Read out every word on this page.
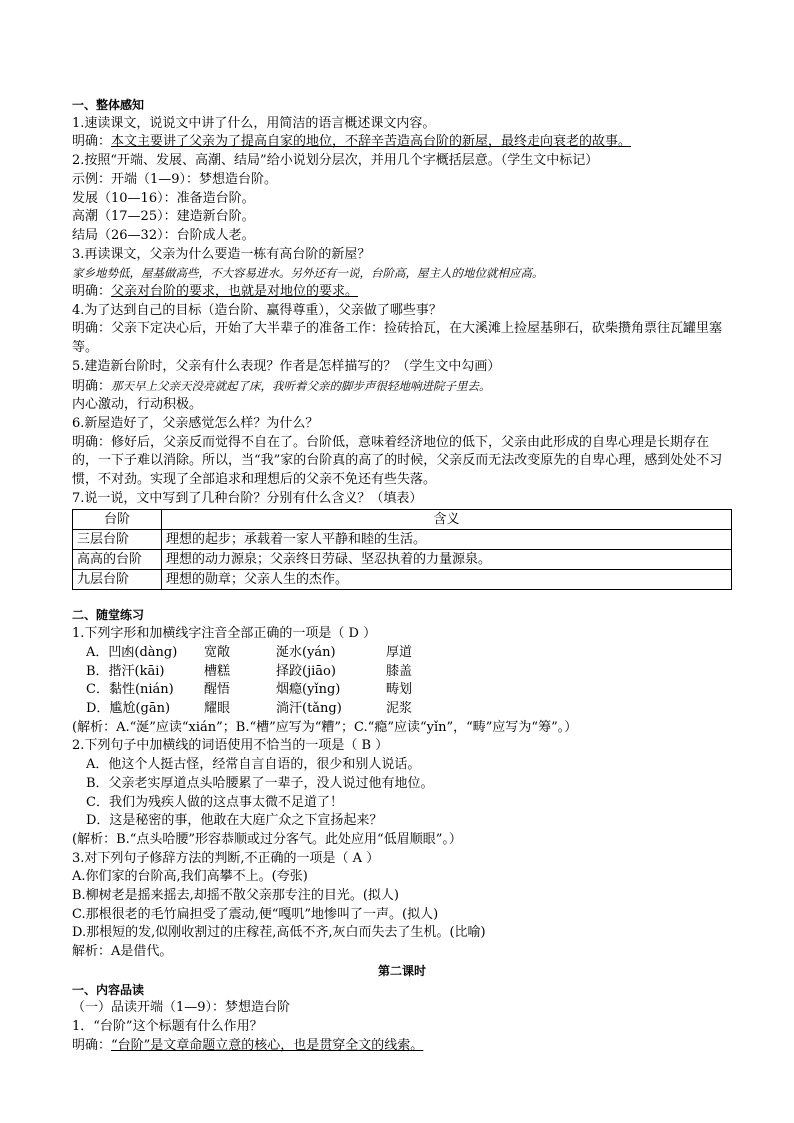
一、整体感知
1.速读课文，说说文中讲了什么，用简洁的语言概述课文内容。
明确：本文主要讲了父亲为了提高自家的地位，不辞辛苦造高台阶的新屋，最终走向衰老的故事。
2.按照“开端、发展、高潮、结局”给小说划分层次，并用几个字概括层意。（学生文中标记）
示例：开端（1—9）：梦想造台阶。
发展（10—16）：准备造台阶。
高潮（17—25）：建造新台阶。
结局（26—32）：台阶成人老。
3.再读课文，父亲为什么要造一栋有高台阶的新屋？
家乡地势低，屋基做高些，不大容易进水。另外还有一说，台阶高，屋主人的地位就相应高。
明确：父亲对台阶的要求，也就是对地位的要求。
4.为了达到自己的目标（造台阶、赢得尊重），父亲做了哪些事？
明确：父亲下定决心后，开始了大半辈子的准备工作：捡砖拾瓦，在大溪滩上捡屋基卵石，砍柴攒角票往瓦罐里塞等。
5.建造新台阶时，父亲有什么表现？作者是怎样描写的？（学生文中勾画）
明确：那天早上父亲天没亮就起了床，我听着父亲的脚步声很轻地响进院子里去。
内心激动，行动积极。
6.新屋造好了，父亲感觉怎么样？为什么？
明确：修好后，父亲反而觉得不自在了。台阶低，意味着经济地位的低下，父亲由此形成的自卑心理是长期存在的，一下子难以消除。所以，当“我”家的台阶真的高了的时候，父亲反而无法改变原先的自卑心理，感到处处不习惯，不对劲。实现了全部追求和理想后的父亲不免还有些失落。
7.说一说，文中写到了几种台阶？分别有什么含义？（填表）
台阶	含义
三层台阶	理想的起步；承载着一家人平静和睦的生活。
高高的台阶	理想的动力源泉；父亲终日劳碌、坚忍执着的力量源泉。
九层台阶	理想的勋章；父亲人生的杰作。
二、随堂练习
1.下列字形和加横线字注音全部正确的一项是（ D ）
A．凹凼(dàng)	宽敞	涎水(yán)	厚道
B．揩汗(kāi)	槽糕	择跤(jiāo)	膝盖
C．黏性(nián)	醒悟	烟瘾(yǐng)	畴划
D．尴尬(gān)	耀眼	淌汗(tǎng)	泥浆
(解析：A.“涎”应读“xián”；B.“槽”应写为“糟”；C.“瘾”应读“yǐn”，“畴”应写为“筹”。）
2.下列句子中加横线的词语使用不恰当的一项是（ B ）
A．他这个人挺古怪，经常自言自语的，很少和别人说话。
B．父亲老实厚道点头哈腰累了一辈子，没人说过他有地位。
C．我们为残疾人做的这点事太微不足道了！
D．这是秘密的事，他敢在大庭广众之下宣扬起来？
(解析：B.“点头哈腰”形容恭顺或过分客气。此处应用“低眉顺眼”。）
3.对下列句子修辞方法的判断,不正确的一项是（ A ）
A.你们家的台阶高,我们高攀不上。(夸张)
B.柳树老是摇来摇去,却摇不散父亲那专注的目光。(拟人)
C.那根很老的毛竹扁担受了震动,便“嘎叽”地惨叫了一声。(拟人)
D.那根短的发,似刚收割过的庄稼茬,高低不齐,灰白而失去了生机。(比喻)
解析：A是借代。
第二课时
一、内容品读
（一）品读开端（1—9）：梦想造台阶
1．“台阶”这个标题有什么作用？
明确：“台阶”是文章命题立意的核心，也是贯穿全文的线索。
